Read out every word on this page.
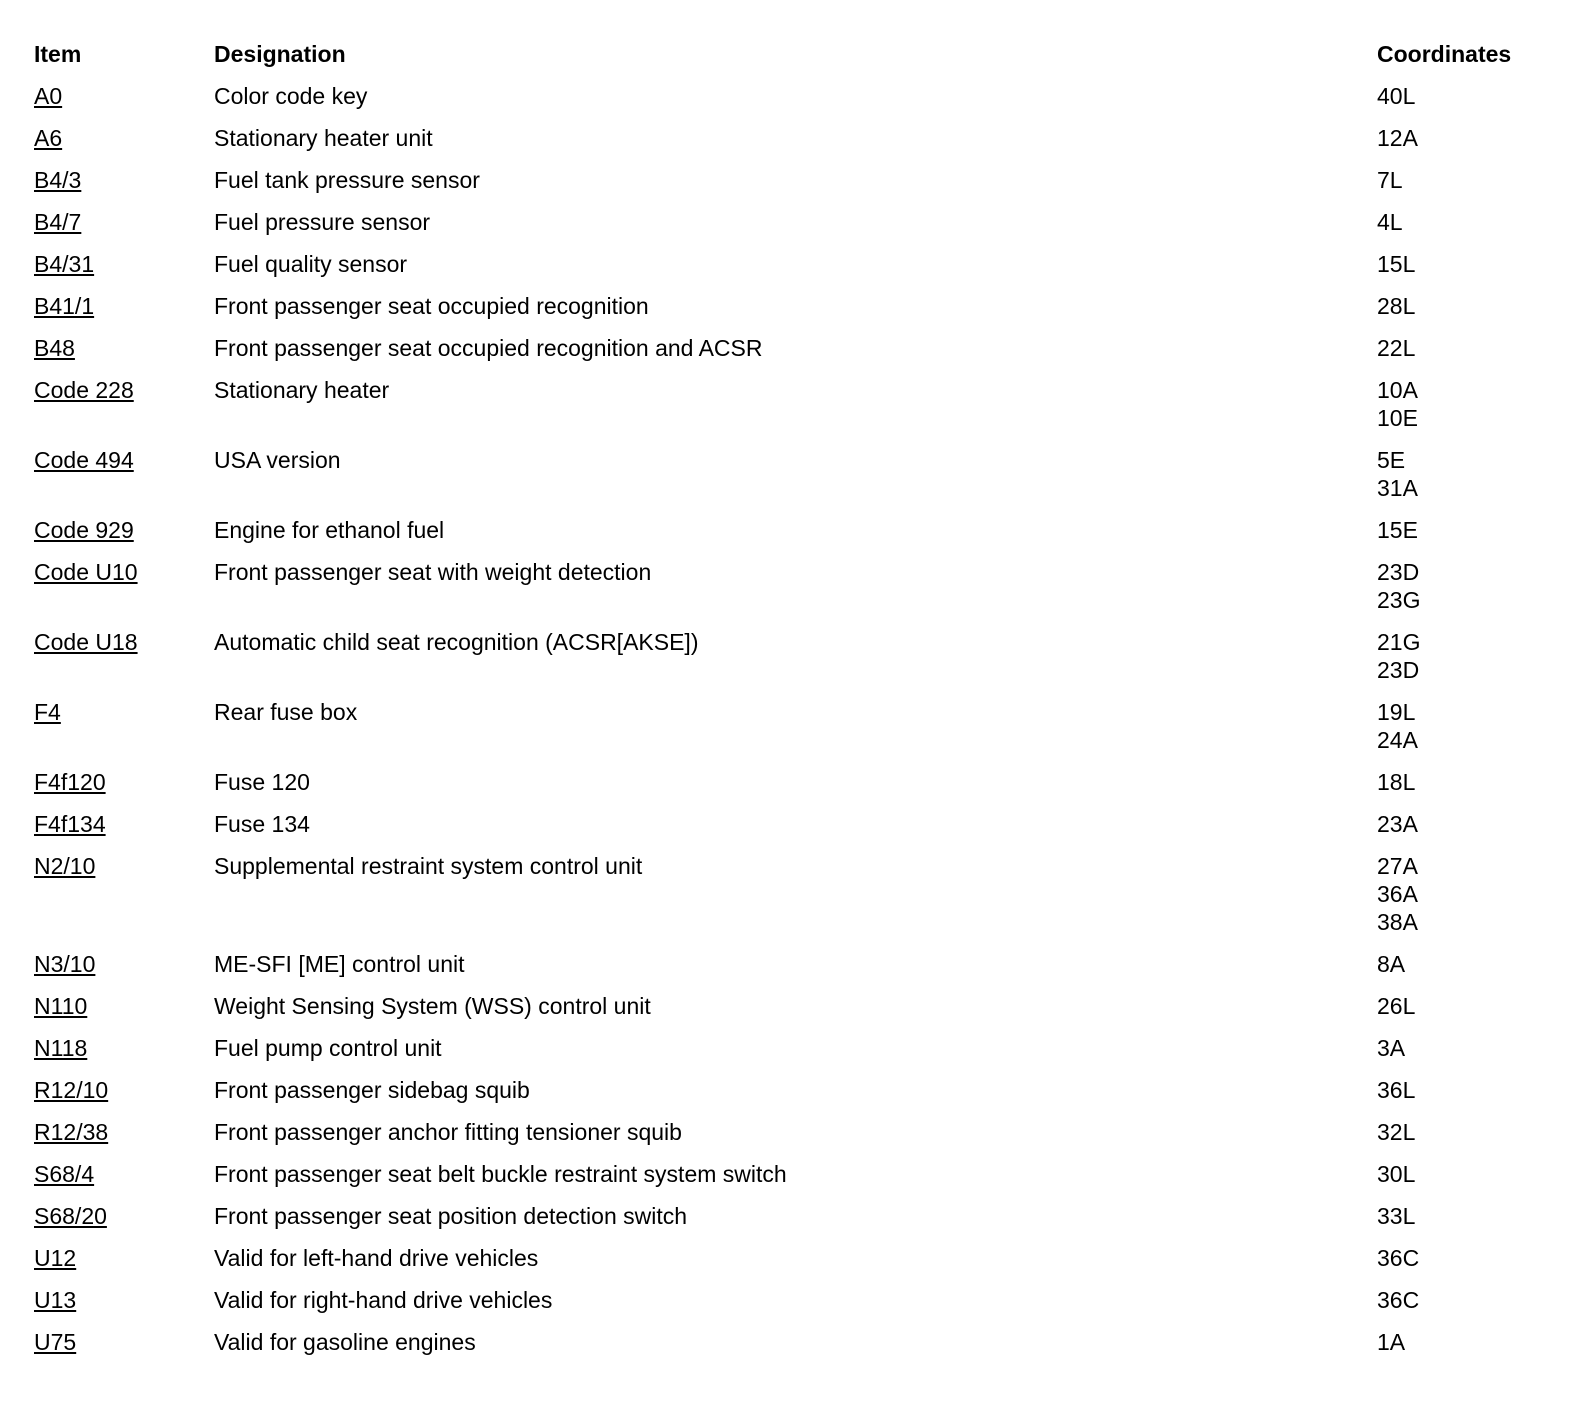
Item	Designation	Coordinates
A0	Color code key	40L
A6	Stationary heater unit	12A
B4/3	Fuel tank pressure sensor	7L
B4/7	Fuel pressure sensor	4L
B4/31	Fuel quality sensor	15L
B41/1	Front passenger seat occupied recognition	28L
B48	Front passenger seat occupied recognition and ACSR	22L
Code 228	Stationary heater	10A
10E
Code 494	USA version	5E
31A
Code 929	Engine for ethanol fuel	15E
Code U10	Front passenger seat with weight detection	23D
23G
Code U18	Automatic child seat recognition (ACSR[AKSE])	21G
23D
F4	Rear fuse box	19L
24A
F4f120	Fuse 120	18L
F4f134	Fuse 134	23A
N2/10	Supplemental restraint system control unit	27A
36A
38A
N3/10	ME-SFI [ME] control unit	8A
N110	Weight Sensing System (WSS) control unit	26L
N118	Fuel pump control unit	3A
R12/10	Front passenger sidebag squib	36L
R12/38	Front passenger anchor fitting tensioner squib	32L
S68/4	Front passenger seat belt buckle restraint system switch	30L
S68/20	Front passenger seat position detection switch	33L
U12	Valid for left-hand drive vehicles	36C
U13	Valid for right-hand drive vehicles	36C
U75	Valid for gasoline engines	1A
